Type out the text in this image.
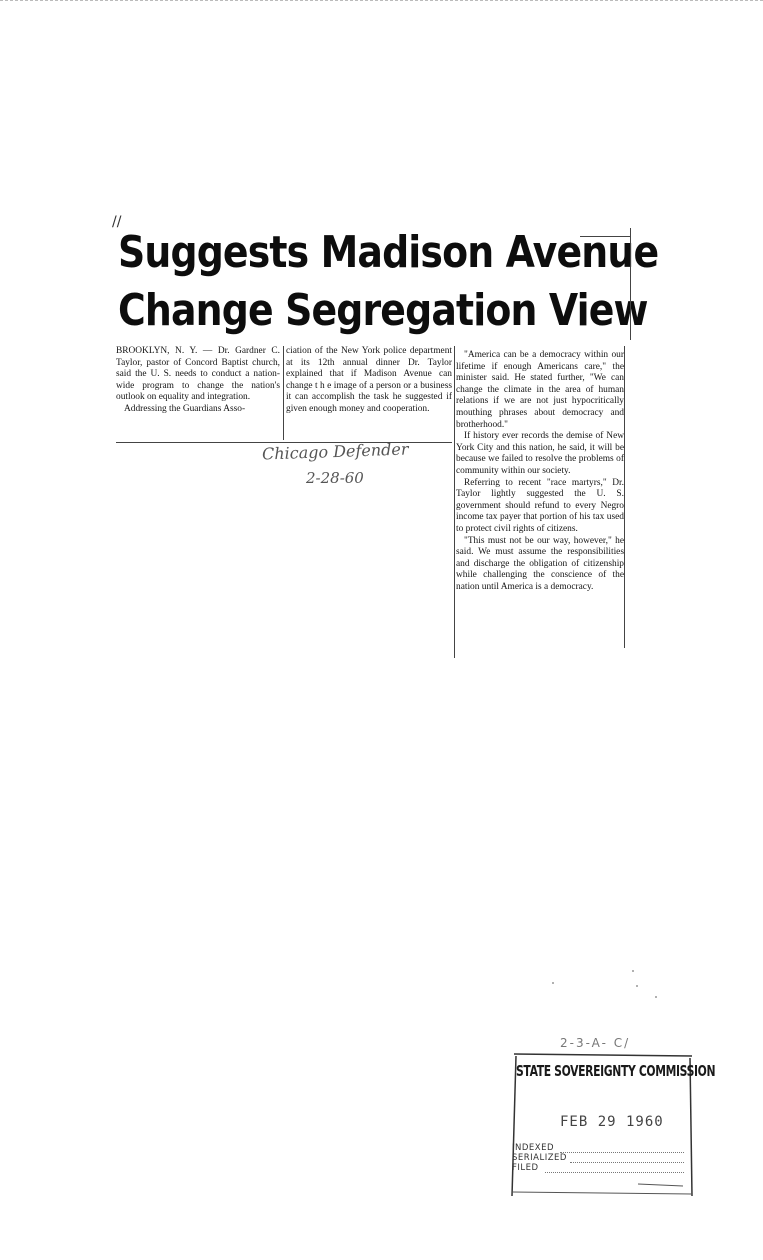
//
Suggests Madison Avenue
Change Segregation View

BROOKLYN, N. Y. — Dr. Gardner C. Taylor, pastor of Concord Baptist church, said the U. S. needs to conduct a nation-wide program to change the nation's outlook on equality and integration.

Addressing the Guardians Asso-

ciation of the New York police department at its 12th annual dinner Dr. Taylor explained that if Madison Avenue can change t h e image of a person or a business it can accomplish the task he suggested if given enough money and cooperation.

"America can be a democracy within our lifetime if enough Americans care," the minister said. He stated further, "We can change the climate in the area of human relations if we are not just hypocritically mouthing phrases about democracy and brotherhood."

If history ever records the demise of New York City and this nation, he said, it will be because we failed to resolve the problems of community within our society.

Referring to recent "race martyrs," Dr. Taylor lightly suggested the U. S. government should refund to every Negro income tax payer that portion of his tax used to protect civil rights of citizens.

"This must not be our way, however," he said. We must assume the responsibilities and discharge the obligation of citizenship while challenging the conscience of the nation until America is a democracy.

Chicago Defender
2-28-60
2-3-A- C/
STATE SOVEREIGNTY COMMISSION
FEB 29 1960
INDEXED
SERIALIZED
FILED
